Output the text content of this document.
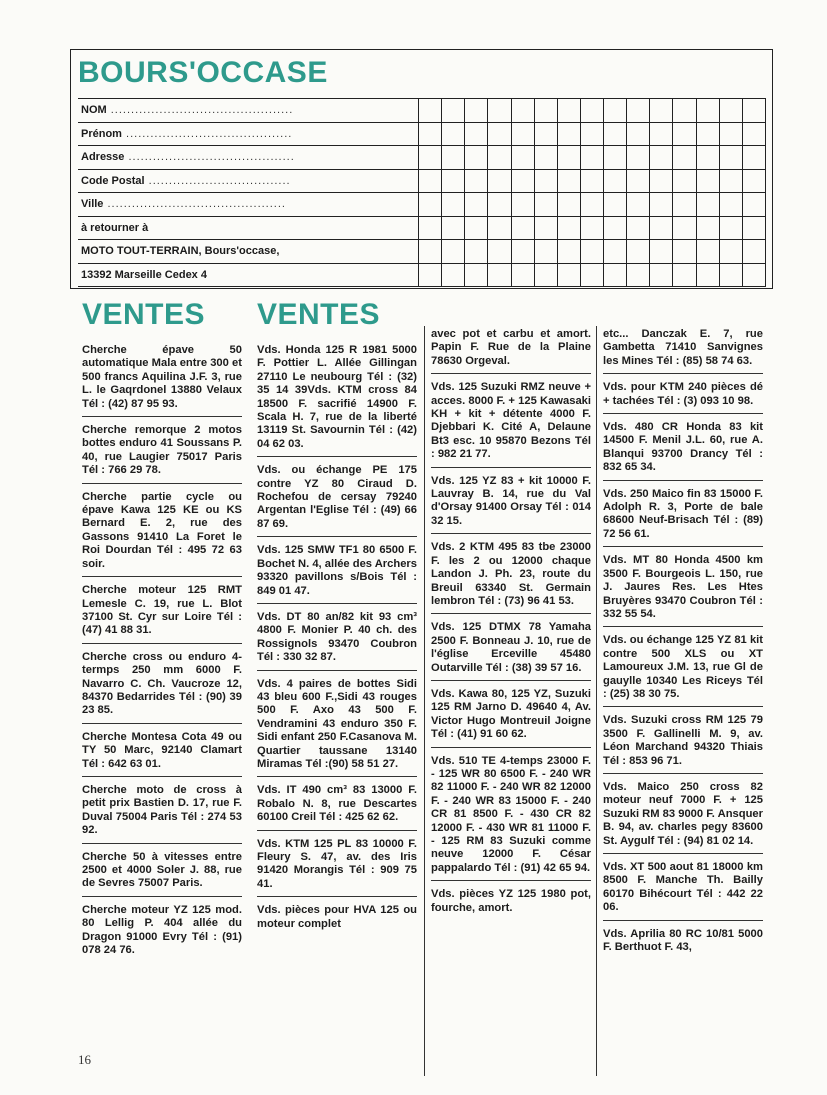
BOURS'OCCASE
NOM .............................................
Prénom .........................................
Adresse .........................................
Code Postal ...................................
Ville ............................................
à retourner à
MOTO TOUT-TERRAIN, Bours'occase,
13392 Marseille Cedex 4

VENTES
Cherche épave 50 automatique Mala entre 300 et 500 francs Aquilina J.F. 3, rue L. le Gaqrdonel 13880 Velaux Tél : (42) 87 95 93.
Cherche remorque 2 motos bottes enduro 41 Soussans P. 40, rue Laugier 75017 Paris Tél : 766 29 78.
Cherche partie cycle ou épave Kawa 125 KE ou KS Bernard E. 2, rue des Gassons 91410 La Foret le Roi Dourdan Tél : 495 72 63 soir.
Cherche moteur 125 RMT Lemesle C. 19, rue L. Blot 37100 St. Cyr sur Loire Tél : (47) 41 88 31.
Cherche cross ou enduro 4-termps 250 mm 6000 F. Navarro C. Ch. Vaucroze 12, 84370 Bedarrides Tél : (90) 39 23 85.
Cherche Montesa Cota 49 ou TY 50 Marc, 92140 Clamart Tél : 642 63 01.
Cherche moto de cross à petit prix Bastien D. 17, rue F. Duval 75004 Paris Tél : 274 53 92.
Cherche 50 à vitesses entre 2500 et 4000 Soler J. 88, rue de Sevres 75007 Paris.
Cherche moteur YZ 125 mod. 80 Lellig P. 404 allée du Dragon 91000 Evry Tél : (91) 078 24 76.
VENTES
Vds. Honda 125 R 1981 5000 F. Pottier L. Allée Gillingan 27110 Le neubourg Tél : (32) 35 14 39Vds. KTM cross 84 18500 F. sacrifié 14900 F. Scala H. 7, rue de la liberté 13119 St. Savournin Tél : (42) 04 62 03.
Vds. ou échange PE 175 contre YZ 80 Ciraud D. Rochefou de cersay 79240 Argentan l'Eglise Tél : (49) 66 87 69.
Vds. 125 SMW TF1 80 6500 F. Bochet N. 4, allée des Archers 93320 pavillons s/Bois Tél : 849 01 47.
Vds. DT 80 an/82 kit 93 cm³ 4800 F. Monier P. 40 ch. des Rossignols 93470 Coubron Tél : 330 32 87.
Vds. 4 paires de bottes Sidi 43 bleu 600 F.,Sidi 43 rouges 500 F. Axo 43 500 F. Vendramini 43 enduro 350 F. Sidi enfant 250 F.Casanova M. Quartier taussane 13140 Miramas Tél :(90) 58 51 27.
Vds. IT 490 cm³ 83 13000 F. Robalo N. 8, rue Descartes 60100 Creil Tél : 425 62 62.
Vds. KTM 125 PL 83 10000 F. Fleury S. 47, av. des Iris 91420 Morangis Tél : 909 75 41.
Vds. pièces pour HVA 125 ou moteur complet
avec pot et carbu et amort. Papin F. Rue de la Plaine 78630 Orgeval.
Vds. 125 Suzuki RMZ neuve + acces. 8000 F. + 125 Kawasaki KH + kit + détente 4000 F. Djebbari K. Cité A, Delaune Bt3 esc. 10 95870 Bezons Tél : 982 21 77.
Vds. 125 YZ 83 + kit 10000 F. Lauvray B. 14, rue du Val d'Orsay 91400 Orsay Tél : 014 32 15.
Vds. 2 KTM 495 83 tbe 23000 F. les 2 ou 12000 chaque Landon J. Ph. 23, route du Breuil 63340 St. Germain lembron Tél : (73) 96 41 53.
Vds. 125 DTMX 78 Yamaha 2500 F. Bonneau J. 10, rue de l'église Erceville 45480 Outarville Tél : (38) 39 57 16.
Vds. Kawa 80, 125 YZ, Suzuki 125 RM Jarno D. 49640 4, Av. Victor Hugo Montreuil Joigne Tél : (41) 91 60 62.
Vds. 510 TE 4-temps 23000 F. - 125 WR 80 6500 F. - 240 WR 82 11000 F. - 240 WR 82 12000 F. - 240 WR 83 15000 F. - 240 CR 81 8500 F. - 430 CR 82 12000 F. - 430 WR 81 11000 F. - 125 RM 83 Suzuki comme neuve 12000 F. César pappalardo Tél : (91) 42 65 94.
Vds. pièces YZ 125 1980 pot, fourche, amort.
etc... Danczak E. 7, rue Gambetta 71410 Sanvignes les Mines Tél : (85) 58 74 63.
Vds. pour KTM 240 pièces dé + tachées Tél : (3) 093 10 98.
Vds. 480 CR Honda 83 kit 14500 F. Menil J.L. 60, rue A. Blanqui 93700 Drancy Tél : 832 65 34.
Vds. 250 Maico fin 83 15000 F. Adolph R. 3, Porte de bale 68600 Neuf-Brisach Tél : (89) 72 56 61.
Vds. MT 80 Honda 4500 km 3500 F. Bourgeois L. 150, rue J. Jaures Res. Les Htes Bruyères 93470 Coubron Tél : 332 55 54.
Vds. ou échange 125 YZ 81 kit contre 500 XLS ou XT Lamoureux J.M. 13, rue Gl de gauylle 10340 Les Riceys Tél : (25) 38 30 75.
Vds. Suzuki cross RM 125 79 3500 F. Gallinelli M. 9, av. Léon Marchand 94320 Thiais Tél : 853 96 71.
Vds. Maico 250 cross 82 moteur neuf 7000 F. + 125 Suzuki RM 83 9000 F. Ansquer B. 94, av. charles pegy 83600 St. Aygulf Tél : (94) 81 02 14.
Vds. XT 500 aout 81 18000 km 8500 F. Manche Th. Bailly 60170 Bihécourt Tél : 442 22 06.
Vds. Aprilia 80 RC 10/81 5000 F. Berthuot F. 43,
16
